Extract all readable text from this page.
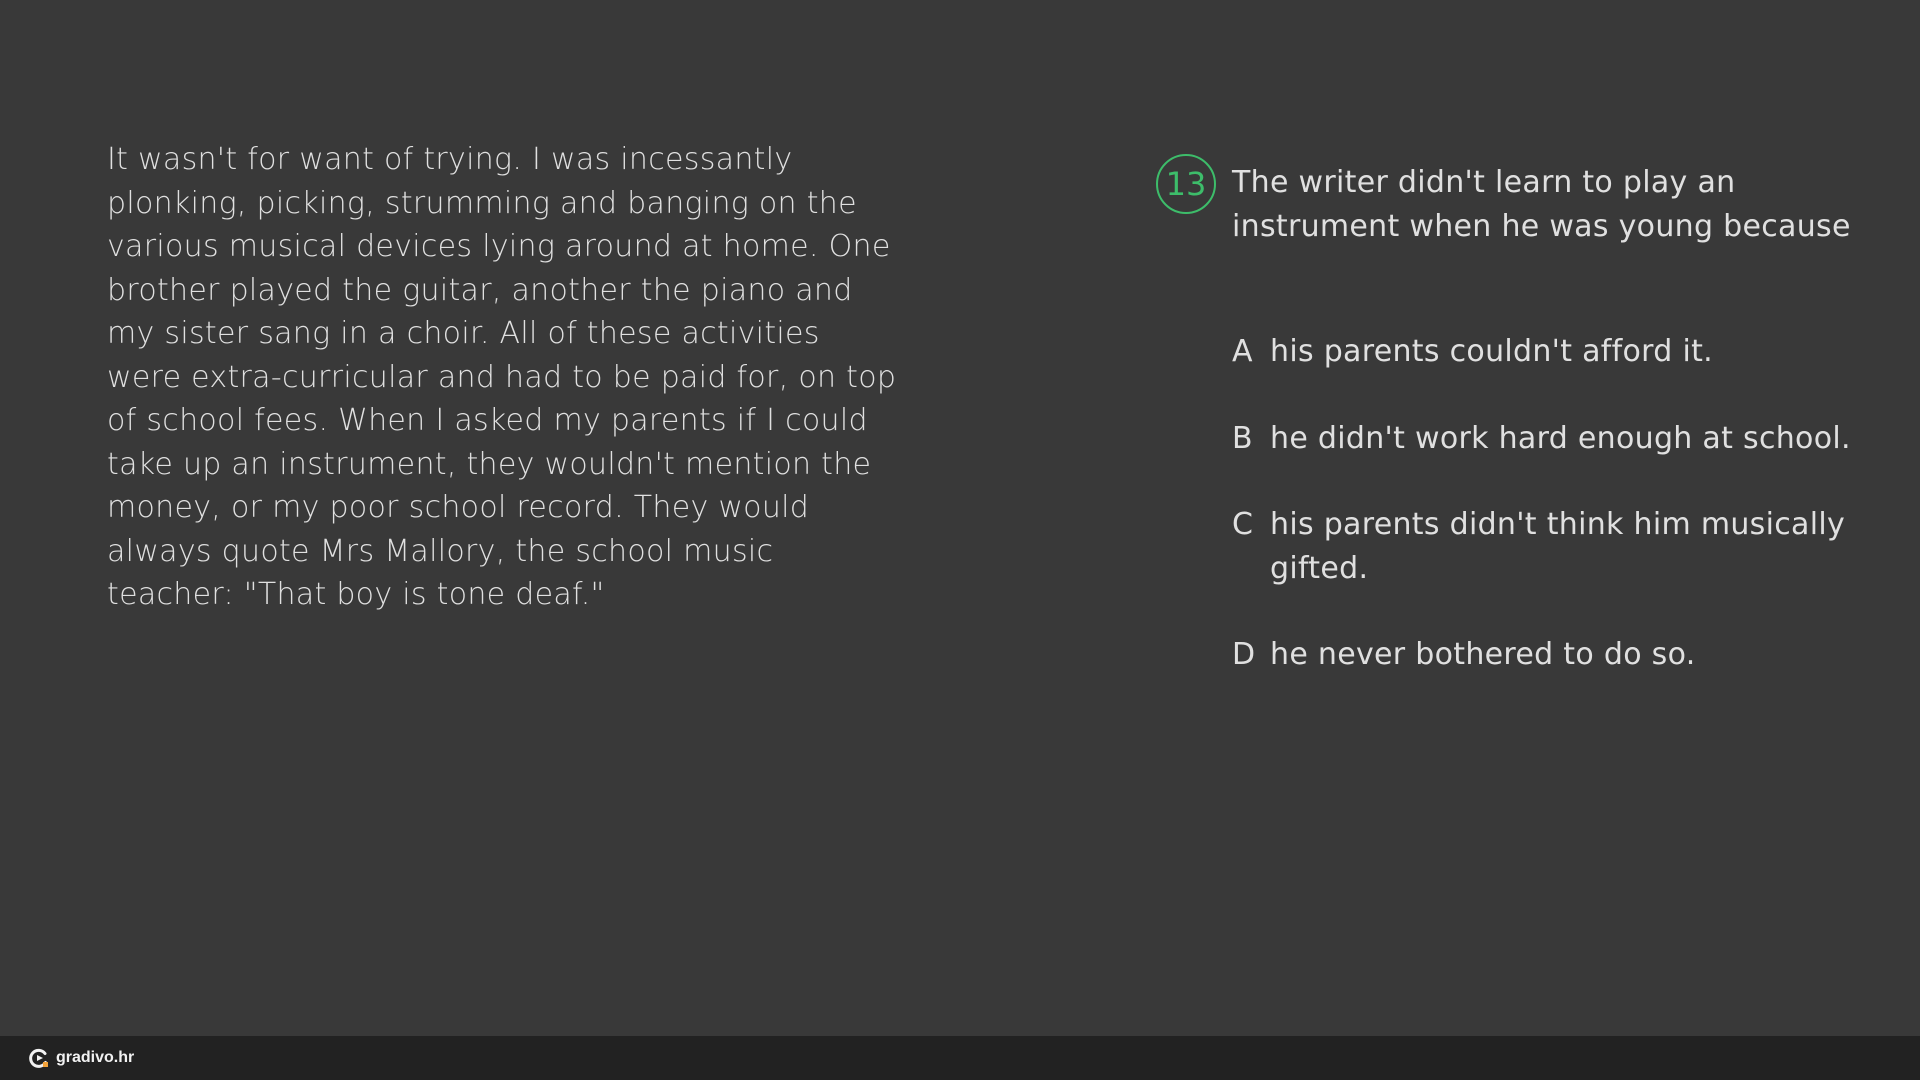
It wasn't for want of trying. I was incessantly plonking, picking, strumming and banging on the various musical devices lying around at home. One brother played the guitar, another the piano and my sister sang in a choir. All of these activities were extra-curricular and had to be paid for, on top of school fees. When I asked my parents if I could take up an instrument, they wouldn't mention the money, or my poor school record. They would always quote Mrs Mallory, the school music teacher: "That boy is tone deaf."

13 The writer didn't learn to play an instrument when he was young because

A his parents couldn't afford it.
B he didn't work hard enough at school.
C his parents didn't think him musically gifted.
D he never bothered to do so.
gradivo.hr
